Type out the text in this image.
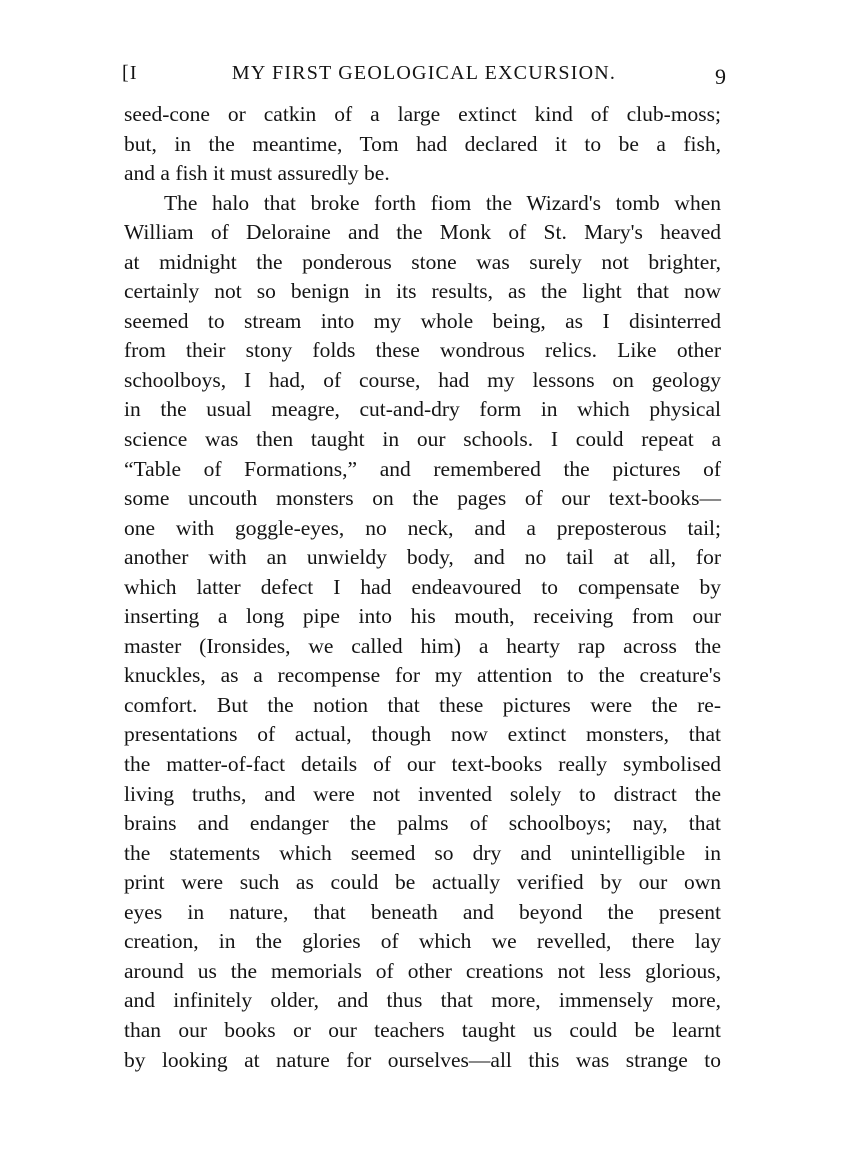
[I	MY FIRST GEOLOGICAL EXCURSION.	9
seed-cone or catkin of a large extinct kind of club-moss;
but, in the meantime, Tom had declared it to be a fish,
and a fish it must assuredly be.
The halo that broke forth fiom the Wizard's tomb when
William of Deloraine and the Monk of St. Mary's heaved
at midnight the ponderous stone was surely not brighter,
certainly not so benign in its results, as the light that now
seemed to stream into my whole being, as I disinterred
from their stony folds these wondrous relics. Like other
schoolboys, I had, of course, had my lessons on geology
in the usual meagre, cut-and-dry form in which physical
science was then taught in our schools. I could repeat a
“Table of Formations,” and remembered the pictures of
some uncouth monsters on the pages of our text-books—
one with goggle-eyes, no neck, and a preposterous tail;
another with an unwieldy body, and no tail at all, for
which latter defect I had endeavoured to compensate by
inserting a long pipe into his mouth, receiving from our
master (Ironsides, we called him) a hearty rap across the
knuckles, as a recompense for my attention to the creature's
comfort. But the notion that these pictures were the re-
presentations of actual, though now extinct monsters, that
the matter-of-fact details of our text-books really symbolised
living truths, and were not invented solely to distract the
brains and endanger the palms of schoolboys; nay, that
the statements which seemed so dry and unintelligible in
print were such as could be actually verified by our own
eyes in nature, that beneath and beyond the present
creation, in the glories of which we revelled, there lay
around us the memorials of other creations not less glorious,
and infinitely older, and thus that more, immensely more,
than our books or our teachers taught us could be learnt
by looking at nature for ourselves—all this was strange to
